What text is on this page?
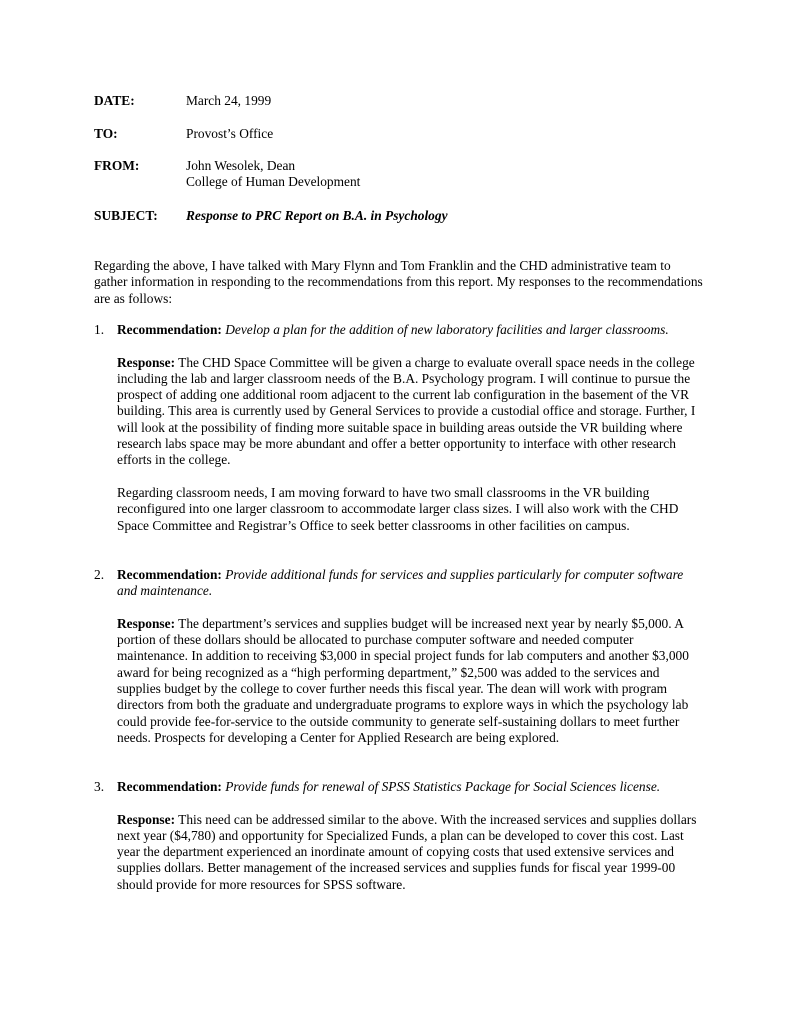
DATE:	March 24, 1999
TO:	Provost’s Office
FROM:	John Wesolek, Dean
College of Human Development
SUBJECT: Response to PRC Report on B.A. in Psychology

Regarding the above, I have talked with Mary Flynn and Tom Franklin and the CHD administrative team to gather information in responding to the recommendations from this report. My responses to the recommendations are as follows:

1. Recommendation: Develop a plan for the addition of new laboratory facilities and larger classrooms.

Response: The CHD Space Committee will be given a charge to evaluate overall space needs in the college including the lab and larger classroom needs of the B.A. Psychology program. I will continue to pursue the prospect of adding one additional room adjacent to the current lab configuration in the basement of the VR building. This area is currently used by General Services to provide a custodial office and storage. Further, I will look at the possibility of finding more suitable space in building areas outside the VR building where research labs space may be more abundant and offer a better opportunity to interface with other research efforts in the college.

Regarding classroom needs, I am moving forward to have two small classrooms in the VR building reconfigured into one larger classroom to accommodate larger class sizes. I will also work with the CHD Space Committee and Registrar’s Office to seek better classrooms in other facilities on campus.

2. Recommendation: Provide additional funds for services and supplies particularly for computer software and maintenance.

Response: The department’s services and supplies budget will be increased next year by nearly $5,000. A portion of these dollars should be allocated to purchase computer software and needed computer maintenance. In addition to receiving $3,000 in special project funds for lab computers and another $3,000 award for being recognized as a “high performing department,” $2,500 was added to the services and supplies budget by the college to cover further needs this fiscal year. The dean will work with program directors from both the graduate and undergraduate programs to explore ways in which the psychology lab could provide fee-for-service to the outside community to generate self-sustaining dollars to meet further needs. Prospects for developing a Center for Applied Research are being explored.

3. Recommendation: Provide funds for renewal of SPSS Statistics Package for Social Sciences license.

Response: This need can be addressed similar to the above. With the increased services and supplies dollars next year ($4,780) and opportunity for Specialized Funds, a plan can be developed to cover this cost. Last year the department experienced an inordinate amount of copying costs that used extensive services and supplies dollars. Better management of the increased services and supplies funds for fiscal year 1999-00 should provide for more resources for SPSS software.
